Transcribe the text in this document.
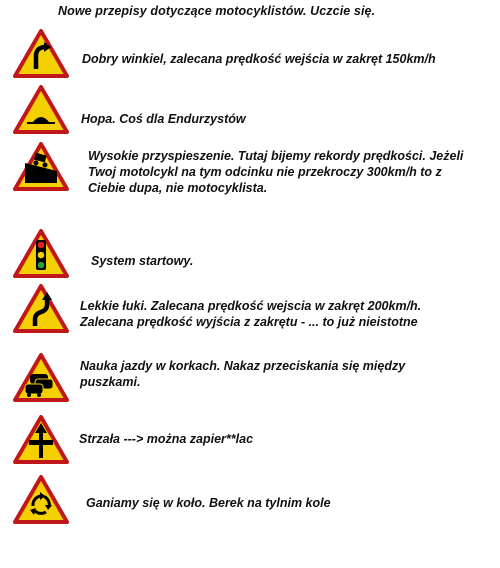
Nowe przepisy dotyczące motocyklistów. Uczcie się.
Dobry winkiel, zalecana prędkość wejścia w zakręt 150km/h
Hopa. Coś dla Endurzystów
Wysokie przyspieszenie. Tutaj bijemy rekordy prędkości. Jeżeli
Twoj motolcykl na tym odcinku nie przekroczy 300km/h to z
Ciebie dupa, nie motocyklista.
System startowy.
Lekkie łuki. Zalecana prędkość wejscia w zakręt 200km/h.
Zalecana prędkość wyjścia z zakrętu - ... to już nieistotne
Nauka jazdy w korkach. Nakaz przeciskania się między
puszkami.
Strzała ---> można zapier**lac
Ganiamy się w koło. Berek na tylnim kole
